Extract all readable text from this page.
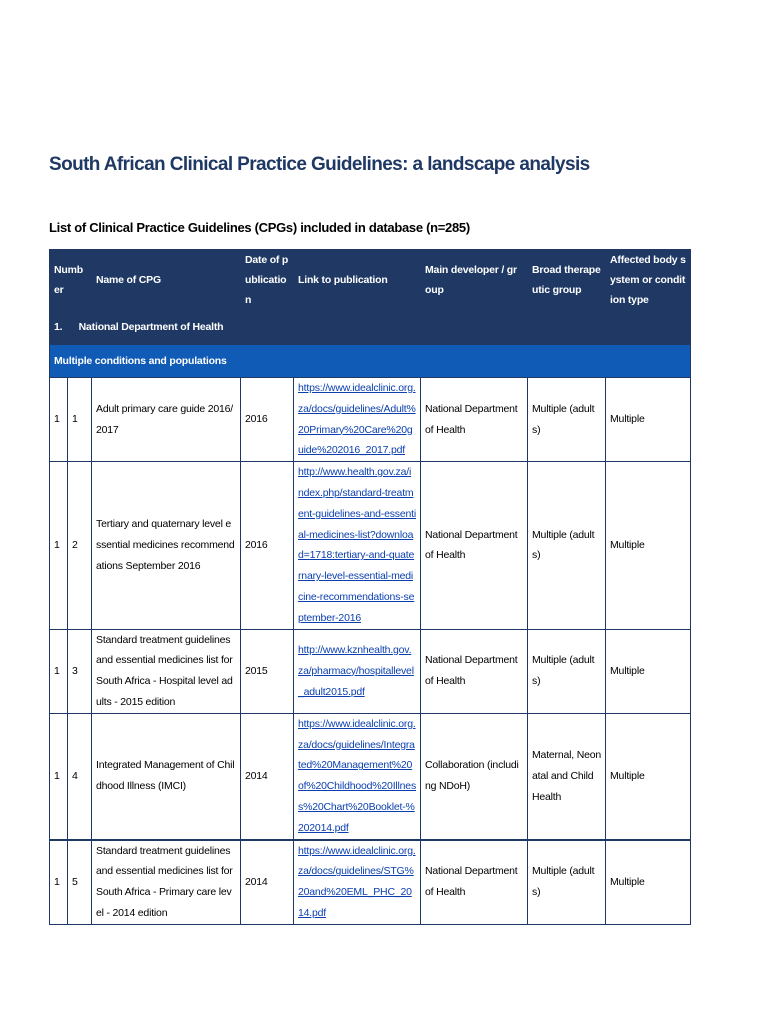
South African Clinical Practice Guidelines: a landscape analysis
List of Clinical Practice Guidelines (CPGs) included in database (n=285)
Number		Name of CPG	Date of publication	Link to publication	Main developer / group	Broad therapeutic group	Affected body system or condition type
1.      National Department of Health							
Multiple conditions and populations							
1	1	Adult primary care guide 2016/2017	2016	https://www.idealclinic.org.za/docs/guidelines/Adult%20Primary%20Care%20guide%202016_2017.pdf	National Department of Health	Multiple (adults)	Multiple
1	2	Tertiary and quaternary level essential medicines recommendations September 2016	2016	http://www.health.gov.za/index.php/standard-treatment-guidelines-and-essential-medicines-list?download=1718:tertiary-and-quaternary-level-essential-medicine-recommendations-september-2016	National Department of Health	Multiple (adults)	Multiple
1	3	Standard treatment guidelines and essential medicines list for South Africa - Hospital level adults - 2015 edition	2015	http://www.kznhealth.gov.za/pharmacy/hospitallevel_adult2015.pdf	National Department of Health	Multiple (adults)	Multiple
1	4	Integrated Management of Childhood Illness (IMCI)	2014	https://www.idealclinic.org.za/docs/guidelines/Integrated%20Management%20of%20Childhood%20Illness%20Chart%20Booklet-%202014.pdf	Collaboration (including NDoH)	Maternal, Neonatal and Child Health	Multiple
1	5	Standard treatment guidelines and essential medicines list for South Africa - Primary care level - 2014 edition	2014	https://www.idealclinic.org.za/docs/guidelines/STG%20and%20EML_PHC_2014.pdf	National Department of Health	Multiple (adults)	Multiple
